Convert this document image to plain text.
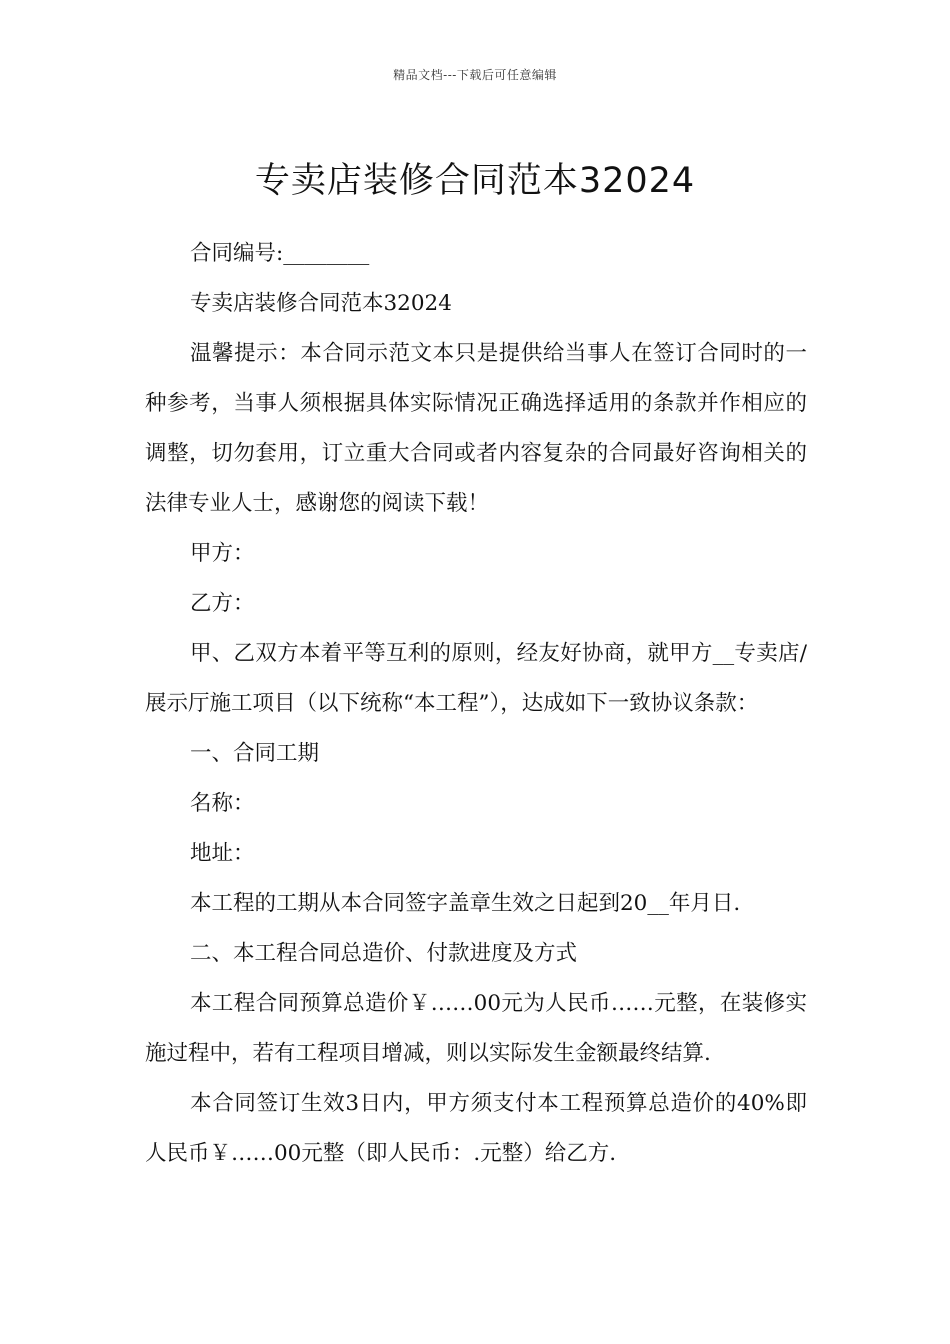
精品文档---下载后可任意编辑
专卖店装修合同范本32024

合同编号:________

专卖店装修合同范本32024

温馨提示：本合同示范文本只是提供给当事人在签订合同时的一种参考，当事人须根据具体实际情况正确选择适用的条款并作相应的调整，切勿套用，订立重大合同或者内容复杂的合同最好咨询相关的法律专业人士，感谢您的阅读下载！

甲方：

乙方：

甲、乙双方本着平等互利的原则，经友好协商，就甲方__专卖店/展示厅施工项目（以下统称“本工程”），达成如下一致协议条款：

一、合同工期

名称：

地址：

本工程的工期从本合同签字盖章生效之日起到20__年月日.

二、本工程合同总造价、付款进度及方式

本工程合同预算总造价￥……00元为人民币……元整，在装修实施过程中，若有工程项目增减，则以实际发生金额最终结算.

本合同签订生效3日内，甲方须支付本工程预算总造价的40%即人民币￥……00元整（即人民币：.元整）给乙方.
